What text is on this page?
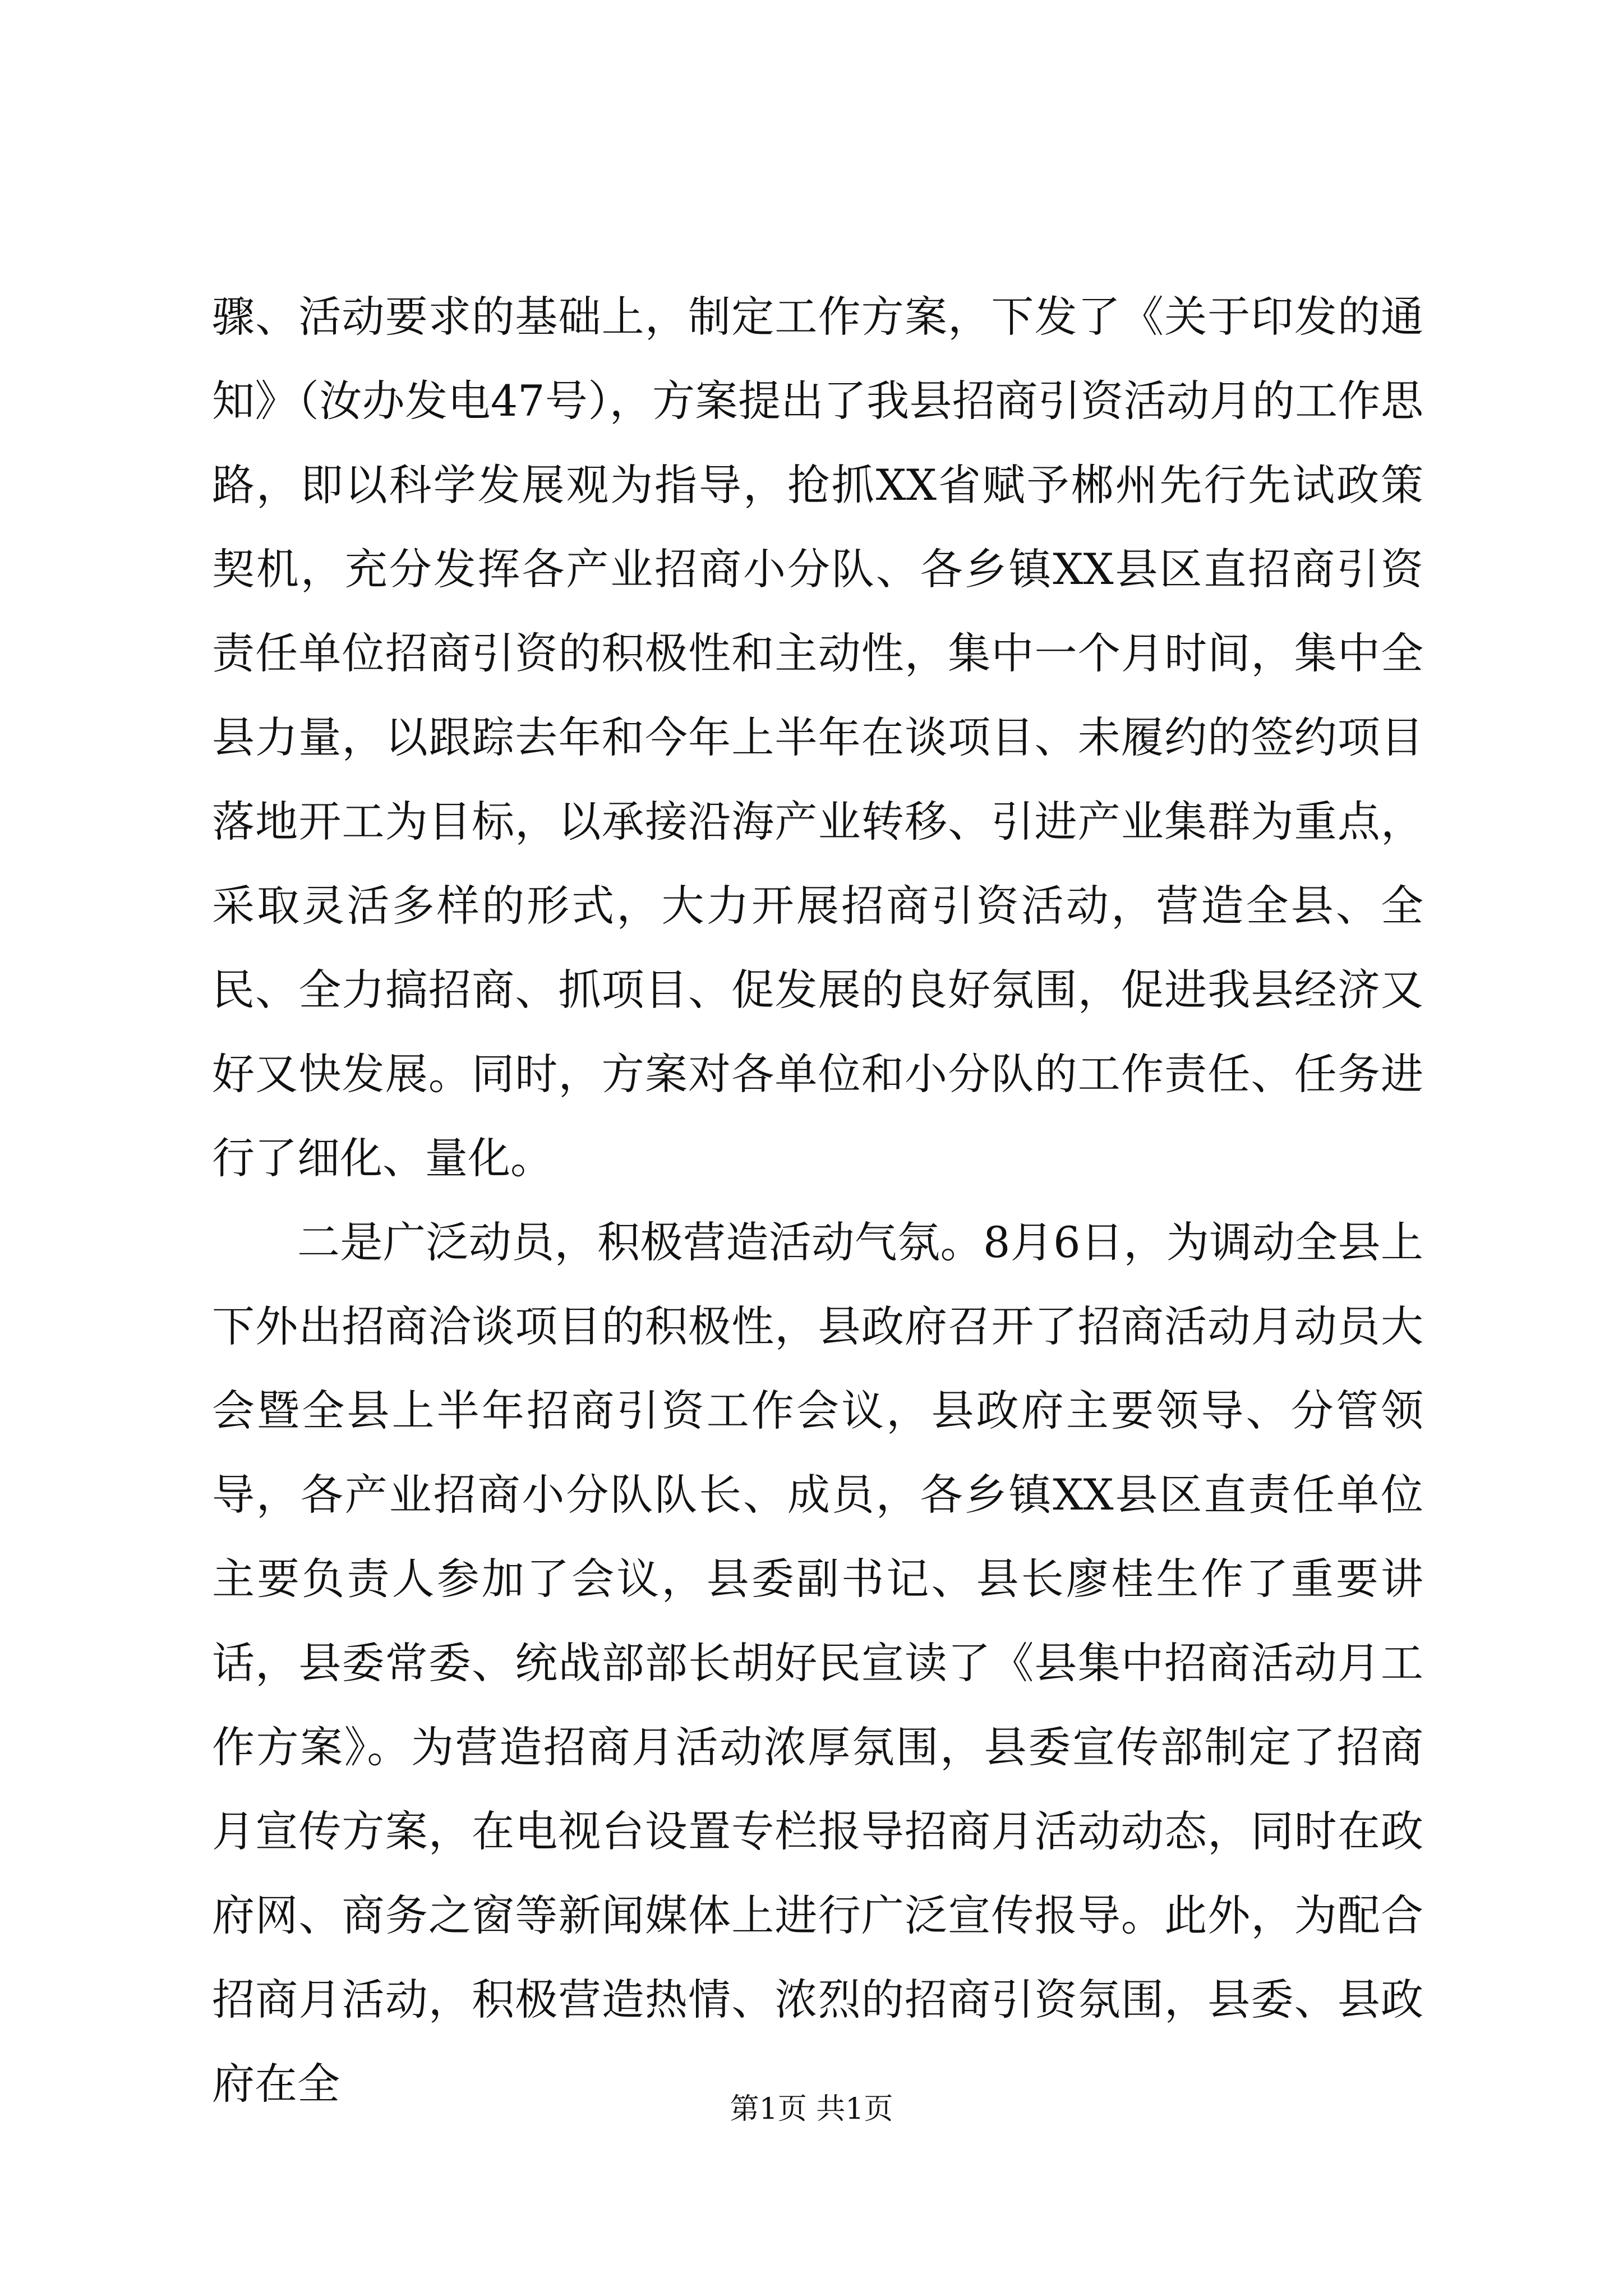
骤、活动要求的基础上，制定工作方案，下发了《关于印发的通知》（汝办发电47号），方案提出了我县招商引资活动月的工作思路，即以科学发展观为指导，抢抓XX省赋予郴州先行先试政策契机，充分发挥各产业招商小分队、各乡镇XX县区直招商引资责任单位招商引资的积极性和主动性，集中一个月时间，集中全县力量，以跟踪去年和今年上半年在谈项目、未履约的签约项目落地开工为目标，以承接沿海产业转移、引进产业集群为重点，采取灵活多样的形式，大力开展招商引资活动，营造全县、全民、全力搞招商、抓项目、促发展的良好氛围，促进我县经济又好又快发展。同时，方案对各单位和小分队的工作责任、任务进行了细化、量化。

二是广泛动员，积极营造活动气氛。8月6日，为调动全县上下外出招商洽谈项目的积极性，县政府召开了招商活动月动员大会暨全县上半年招商引资工作会议，县政府主要领导、分管领导，各产业招商小分队队长、成员，各乡镇XX县区直责任单位主要负责人参加了会议，县委副书记、县长廖桂生作了重要讲话，县委常委、统战部部长胡好民宣读了《县集中招商活动月工作方案》。为营造招商月活动浓厚氛围，县委宣传部制定了招商月宣传方案，在电视台设置专栏报导招商月活动动态，同时在政府网、商务之窗等新闻媒体上进行广泛宣传报导。此外，为配合招商月活动，积极营造热情、浓烈的招商引资氛围，县委、县政府在全

第1页 共1页
